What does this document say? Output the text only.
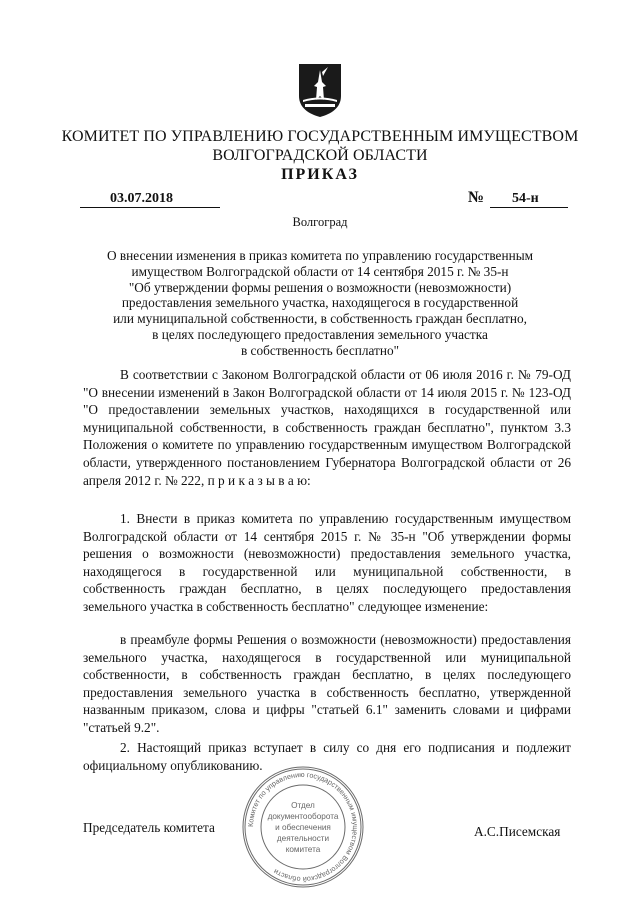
КОМИТЕТ ПО УПРАВЛЕНИЮ ГОСУДАРСТВЕННЫМ ИМУЩЕСТВОМ
ВОЛГОГРАДСКОЙ ОБЛАСТИ
ПРИКАЗ
03.07.2018	№	54-н
Волгоград
О внесении изменения в приказ комитета по управлению государственным
имуществом Волгоградской области от 14 сентября 2015 г. № 35-н
"Об утверждении формы решения о возможности (невозможности)
предоставления земельного участка, находящегося в государственной
или муниципальной собственности, в собственность граждан бесплатно,
в целях последующего предоставления земельного участка
в собственность бесплатно"
В соответствии с Законом Волгоградской области от 06 июля 2016 г. № 79-ОД "О внесении изменений в Закон Волгоградской области от 14 июля 2015 г. № 123-ОД "О предоставлении земельных участков, находящихся в государственной или муниципальной собственности, в собственность граждан бесплатно", пунктом 3.3 Положения о комитете по управлению государственным имуществом Волгоградской области, утвержденного постановлением Губернатора Волгоградской области от 26 апреля 2012 г. № 222, п р и к а з ы в а ю:
1. Внести в приказ комитета по управлению государственным имуществом Волгоградской области от 14 сентября 2015 г. № 35-н "Об утверждении формы решения о возможности (невозможности) предоставления земельного участка, находящегося в государственной или муниципальной собственности, в собственность граждан бесплатно, в целях последующего предоставления земельного участка в собственность бесплатно" следующее изменение:
в преамбуле формы Решения о возможности (невозможности) предоставления земельного участка, находящегося в государственной или муниципальной собственности, в собственность граждан бесплатно, в целях последующего предоставления земельного участка в собственность бесплатно, утвержденной названным приказом, слова и цифры "статьей 6.1" заменить словами и цифрами "статьей 9.2".
2. Настоящий приказ вступает в силу со дня его подписания и подлежит официальному опубликованию.
Председатель комитета	А.С.Писемская
Комитет по управлению государственным имуществом Волгоградской области
Отдел
документооборота
и обеспечения
деятельности
комитета
